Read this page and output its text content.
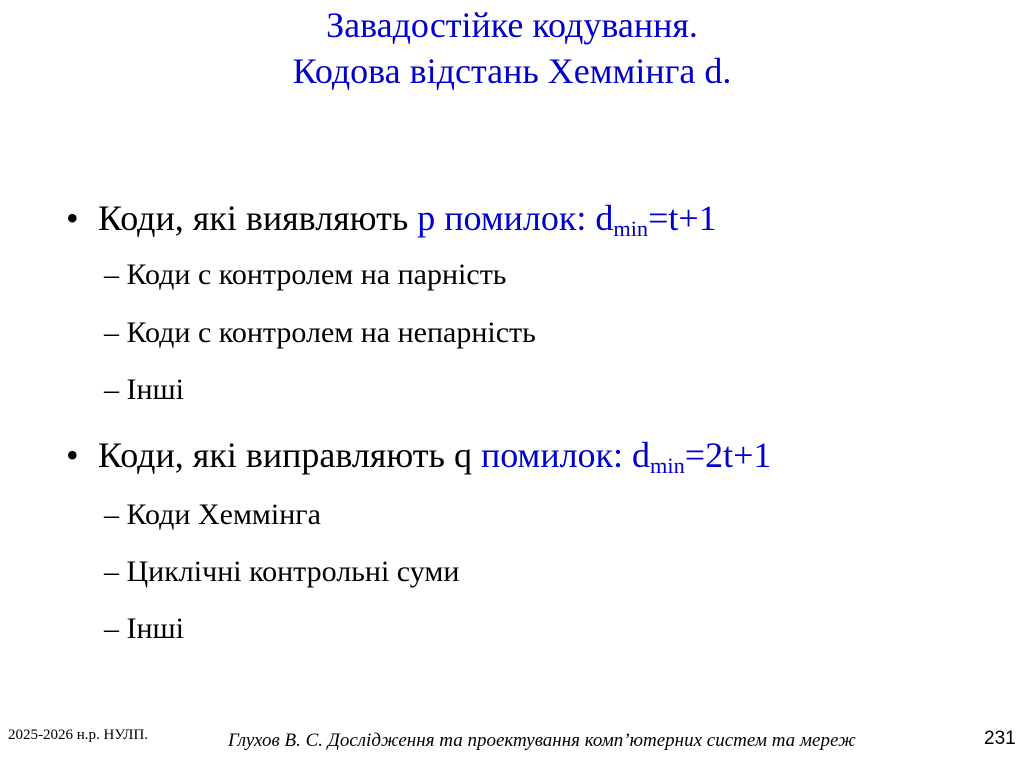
Завадостійке кодування.
Кодова відстань Хеммінга d.
• Коди, які виявляють p помилок: $d_{min}=t+1$
– Коди с контролем на парність
– Коди с контролем на непарність
– Інші
• Коди, які виправляють q помилок: $d_{min}=2t+1$
– Коди Хеммінга
– Циклічні контрольні суми
– Інші
2025-2026 н.р. НУЛП.	Глухов В. С. Дослідження та проектування комп’ютерних систем та мереж	231
